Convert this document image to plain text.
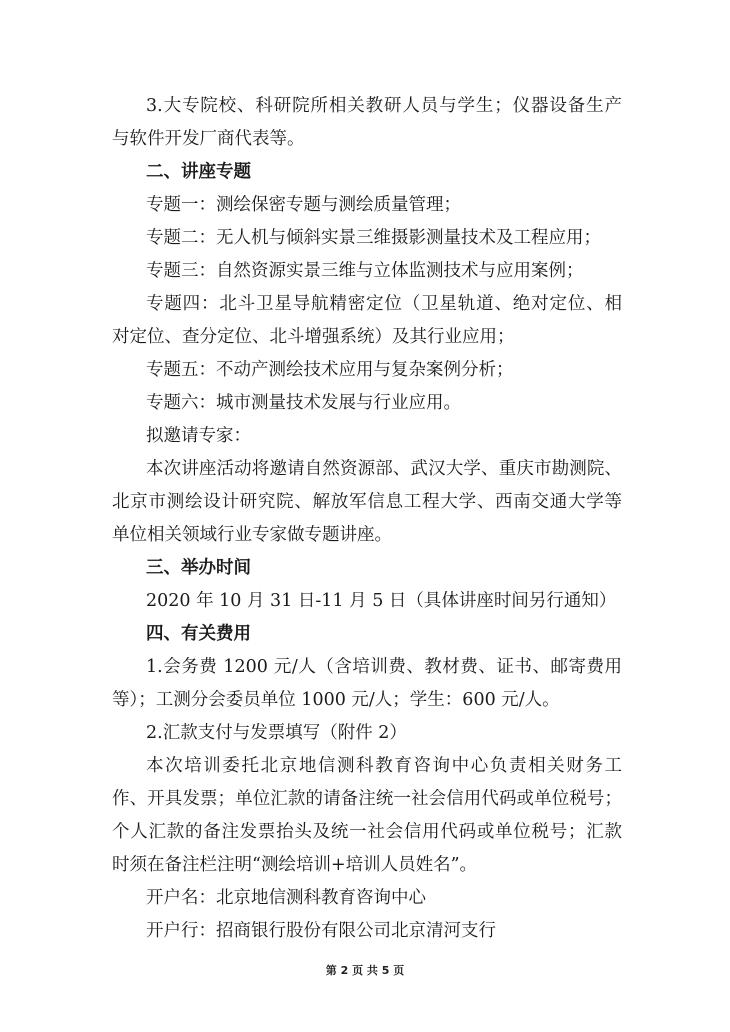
3.大专院校、科研院所相关教研人员与学生；仪器设备生产
与软件开发厂商代表等。
二、讲座专题
专题一：测绘保密专题与测绘质量管理；
专题二：无人机与倾斜实景三维摄影测量技术及工程应用；
专题三：自然资源实景三维与立体监测技术与应用案例；
专题四：北斗卫星导航精密定位（卫星轨道、绝对定位、相
对定位、查分定位、北斗增强系统）及其行业应用；
专题五：不动产测绘技术应用与复杂案例分析；
专题六：城市测量技术发展与行业应用。
拟邀请专家：
本次讲座活动将邀请自然资源部、武汉大学、重庆市勘测院、
北京市测绘设计研究院、解放军信息工程大学、西南交通大学等
单位相关领域行业专家做专题讲座。
三、举办时间
2020 年 10 月 31 日-11 月 5 日（具体讲座时间另行通知）
四、有关费用
1.会务费 1200 元/人（含培训费、教材费、证书、邮寄费用
等）；工测分会委员单位 1000 元/人；学生：600 元/人。
2.汇款支付与发票填写（附件 2）
本次培训委托北京地信测科教育咨询中心负责相关财务工
作、开具发票；单位汇款的请备注统一社会信用代码或单位税号；
个人汇款的备注发票抬头及统一社会信用代码或单位税号；汇款
时须在备注栏注明“测绘培训+培训人员姓名”。
开户名：北京地信测科教育咨询中心
开户行：招商银行股份有限公司北京清河支行
第 2 页 共 5 页
